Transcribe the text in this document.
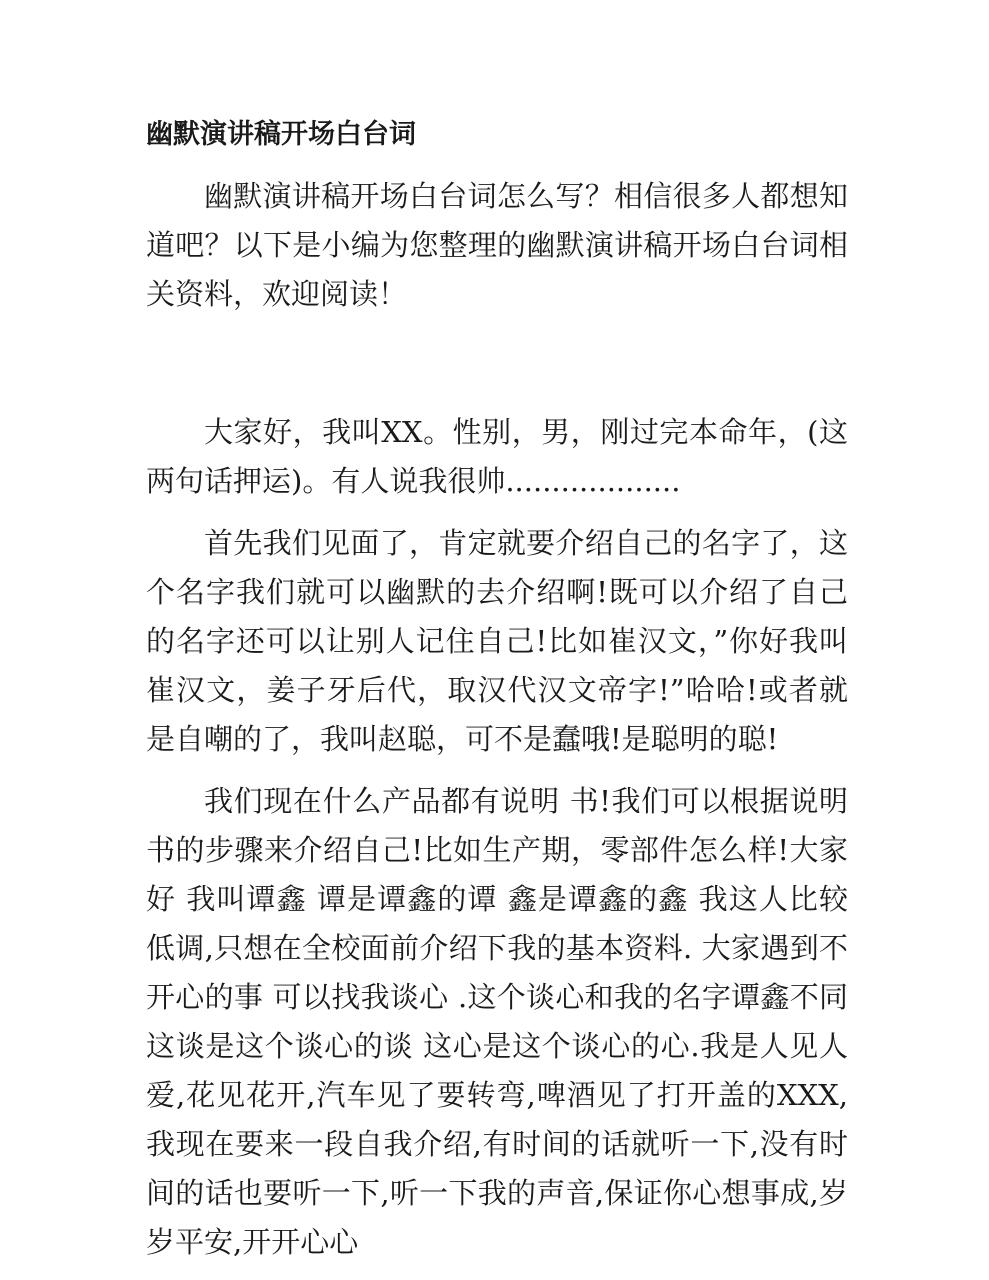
幽默演讲稿开场白台词

幽默演讲稿开场白台词怎么写？相信很多人都想知道吧？以下是小编为您整理的幽默演讲稿开场白台词相关资料，欢迎阅读！

大家好，我叫XX。性别，男，刚过完本命年，(这两句话押运)。有人说我很帅...................

首先我们见面了，肯定就要介绍自己的名字了，这个名字我们就可以幽默的去介绍啊!既可以介绍了自己的名字还可以让别人记住自己!比如崔汉文，”你好我叫崔汉文，姜子牙后代，取汉代汉文帝字!”哈哈!或者就是自嘲的了，我叫赵聪，可不是蠢哦!是聪明的聪!

我们现在什么产品都有说明 书!我们可以根据说明书的步骤来介绍自己!比如生产期，零部件怎么样!大家好 我叫谭鑫 谭是谭鑫的谭 鑫是谭鑫的鑫 我这人比较低调,只想在全校面前介绍下我的基本资料. 大家遇到不开心的事 可以找我谈心 .这个谈心和我的名字谭鑫不同 这谈是这个谈心的谈 这心是这个谈心的心.我是人见人爱,花见花开,汽车见了要转弯,啤酒见了打开盖的XXX,我现在要来一段自我介绍,有时间的话就听一下,没有时间的话也要听一下,听一下我的声音,保证你心想事成,岁岁平安,开开心心
